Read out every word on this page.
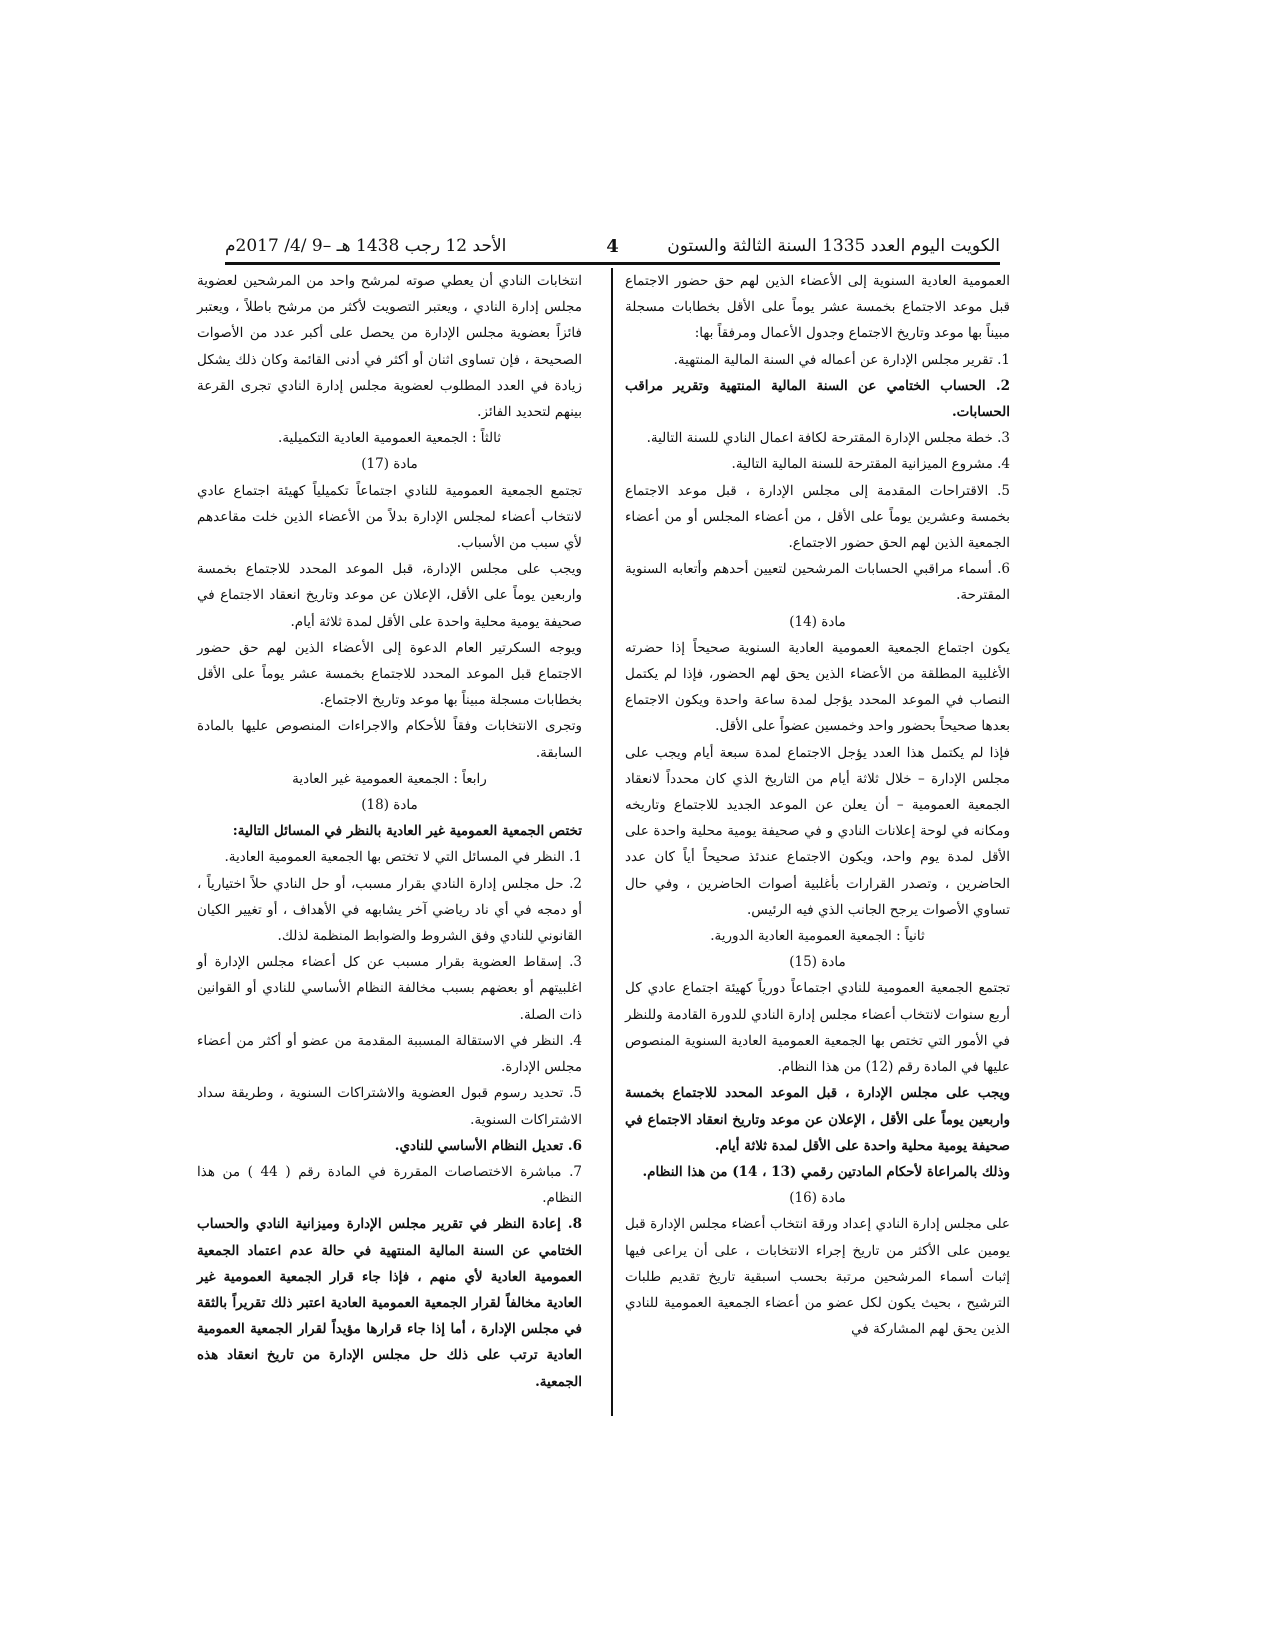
الكويت اليوم العدد 1335 السنة الثالثة والستون
4
الأحد 12 رجب 1438 هـ –9 /4/ 2017م

العمومية العادية السنوية إلى الأعضاء الذين لهم حق حضور الاجتماع قبل موعد الاجتماع بخمسة عشر يوماً على الأقل بخطابات مسجلة مبيناً بها موعد وتاريخ الاجتماع وجدول الأعمال ومرفقاً بها:

1. تقرير مجلس الإدارة عن أعماله في السنة المالية المنتهية.

2. الحساب الختامي عن السنة المالية المنتهية وتقرير مراقب الحسابات.

3. خطة مجلس الإدارة المقترحة لكافة اعمال النادي للسنة التالية.

4. مشروع الميزانية المقترحة للسنة المالية التالية.

5. الاقتراحات المقدمة إلى مجلس الإدارة ، قبل موعد الاجتماع بخمسة وعشرين يوماً على الأقل ، من أعضاء المجلس أو من أعضاء الجمعية الذين لهم الحق حضور الاجتماع.

6. أسماء مراقبي الحسابات المرشحين لتعيين أحدهم وأتعابه السنوية المقترحة.

مادة (14)

يكون اجتماع الجمعية العمومية العادية السنوية صحيحاً إذا حضرته الأغلبية المطلقة من الأعضاء الذين يحق لهم الحضور، فإذا لم يكتمل النصاب في الموعد المحدد يؤجل لمدة ساعة واحدة ويكون الاجتماع بعدها صحيحاً بحضور واحد وخمسين عضواً على الأقل.

فإذا لم يكتمل هذا العدد يؤجل الاجتماع لمدة سبعة أيام ويجب على مجلس الإدارة – خلال ثلاثة أيام من التاريخ الذي كان محدداً لانعقاد الجمعية العمومية – أن يعلن عن الموعد الجديد للاجتماع وتاريخه ومكانه في لوحة إعلانات النادي و في صحيفة يومية محلية واحدة على الأقل لمدة يوم واحد، ويكون الاجتماع عندئذ صحيحاً أياً كان عدد الحاضرين ، وتصدر القرارات بأغلبية أصوات الحاضرين ، وفي حال تساوي الأصوات يرجح الجانب الذي فيه الرئيس.

ثانياً : الجمعية العمومية العادية الدورية.

مادة (15)

تجتمع الجمعية العمومية للنادي اجتماعاً دورياً كهيئة اجتماع عادي كل أربع سنوات لانتخاب أعضاء مجلس إدارة النادي للدورة القادمة وللنظر في الأمور التي تختص بها الجمعية العمومية العادية السنوية المنصوص عليها في المادة رقم (12) من هذا النظام.

ويجب على مجلس الإدارة ، قبل الموعد المحدد للاجتماع بخمسة واربعين يوماً على الأقل ، الإعلان عن موعد وتاريخ انعقاد الاجتماع في صحيفة يومية محلية واحدة على الأقل لمدة ثلاثة أيام.

وذلك بالمراعاة لأحكام المادتين رقمي (13 ، 14) من هذا النظام.

مادة (16)

على مجلس إدارة النادي إعداد ورقة انتخاب أعضاء مجلس الإدارة قبل يومين على الأكثر من تاريخ إجراء الانتخابات ، على أن يراعى فيها إثبات أسماء المرشحين مرتبة بحسب اسبقية تاريخ تقديم طلبات الترشيح ، بحيث يكون لكل عضو من أعضاء الجمعية العمومية للنادي الذين يحق لهم المشاركة في

انتخابات النادي أن يعطي صوته لمرشح واحد من المرشحين لعضوية مجلس إدارة النادي ، ويعتبر التصويت لأكثر من مرشح باطلاً ، ويعتبر فائزاً بعضوية مجلس الإدارة من يحصل على أكبر عدد من الأصوات الصحيحة ، فإن تساوى اثنان أو أكثر في أدنى القائمة وكان ذلك يشكل زيادة في العدد المطلوب لعضوية مجلس إدارة النادي تجرى القرعة بينهم لتحديد الفائز.

ثالثاً : الجمعية العمومية العادية التكميلية.

مادة (17)

تجتمع الجمعية العمومية للنادي اجتماعاً تكميلياً كهيئة اجتماع عادي لانتخاب أعضاء لمجلس الإدارة بدلاً من الأعضاء الذين خلت مقاعدهم لأي سبب من الأسباب.

ويجب على مجلس الإدارة، قبل الموعد المحدد للاجتماع بخمسة واربعين يوماً على الأقل، الإعلان عن موعد وتاريخ انعقاد الاجتماع في صحيفة يومية محلية واحدة على الأقل لمدة ثلاثة أيام.

ويوجه السكرتير العام الدعوة إلى الأعضاء الذين لهم حق حضور الاجتماع قبل الموعد المحدد للاجتماع بخمسة عشر يوماً على الأقل بخطابات مسجلة مبيناً بها موعد وتاريخ الاجتماع.

وتجرى الانتخابات وفقاً للأحكام والاجراءات المنصوص عليها بالمادة السابقة.

رابعاً : الجمعية العمومية غير العادية

مادة (18)

تختص الجمعية العمومية غير العادية بالنظر في المسائل التالية:

1. النظر في المسائل التي لا تختص بها الجمعية العمومية العادية.

2. حل مجلس إدارة النادي بقرار مسبب، أو حل النادي حلاً اختيارياً ، أو دمجه في أي ناد رياضي آخر يشابهه في الأهداف ، أو تغيير الكيان القانوني للنادي وفق الشروط والضوابط المنظمة لذلك.

3. إسقاط العضوية بقرار مسبب عن كل أعضاء مجلس الإدارة أو اغلبيتهم أو بعضهم بسبب مخالفة النظام الأساسي للنادي أو القوانين ذات الصلة.

4. النظر في الاستقالة المسببة المقدمة من عضو أو أكثر من أعضاء مجلس الإدارة.

5. تحديد رسوم قبول العضوية والاشتراكات السنوية ، وطريقة سداد الاشتراكات السنوية.

6. تعديل النظام الأساسي للنادي.

7. مباشرة الاختصاصات المقررة في المادة رقم ( 44 ) من هذا النظام.

8. إعادة النظر في تقرير مجلس الإدارة وميزانية النادي والحساب الختامي عن السنة المالية المنتهية في حالة عدم اعتماد الجمعية العمومية العادية لأي منهم ، فإذا جاء قرار الجمعية العمومية غير العادية مخالفاً لقرار الجمعية العمومية العادية اعتبر ذلك تقريراً بالثقة في مجلس الإدارة ، أما إذا جاء قرارها مؤيداً لقرار الجمعية العمومية العادية ترتب على ذلك حل مجلس الإدارة من تاريخ انعقاد هذه الجمعية.
